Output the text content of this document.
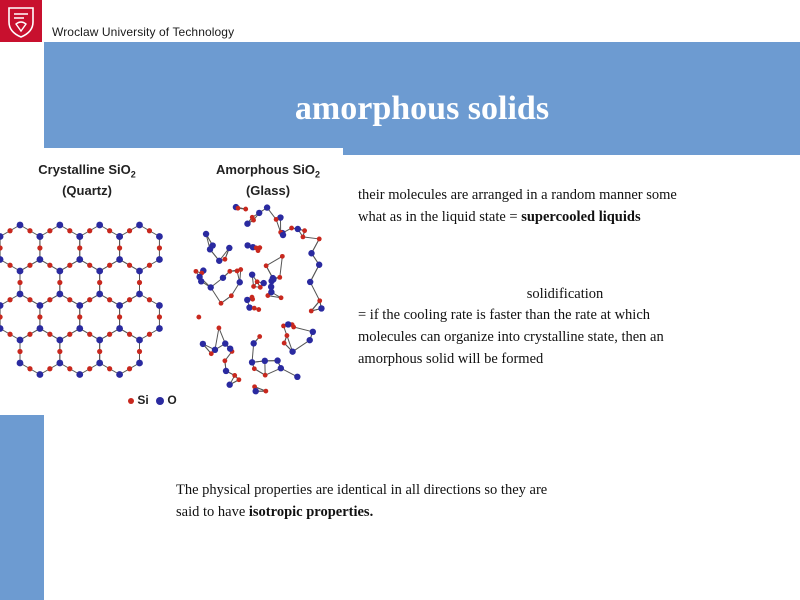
Wroclaw University of Technology
amorphous solids
Crystalline SiO$_2$
(Quartz)
Amorphous SiO$_2$
(Glass)
Si O
their molecules are arranged in a random manner some
what as in the liquid state = supercooled liquids
solidification
= if the cooling rate is faster than the rate at which
molecules can organize into crystalline state, then an
amorphous solid will be formed
The physical properties are identical in all directions so they are
said to have isotropic properties.
